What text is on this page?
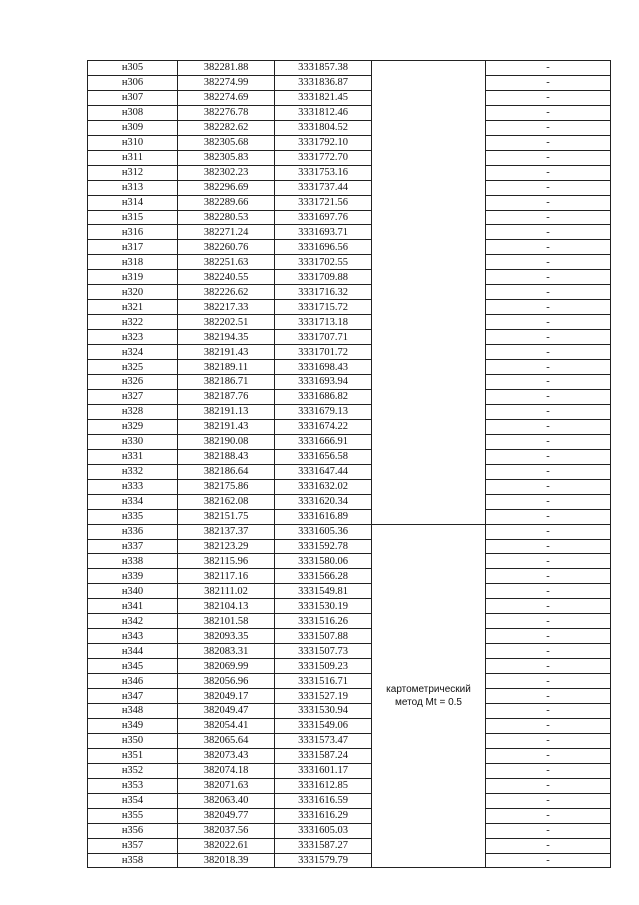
н305	382281.88	3331857.38		-
н306	382274.99	3331836.87		-
н307	382274.69	3331821.45		-
н308	382276.78	3331812.46		-
н309	382282.62	3331804.52		-
н310	382305.68	3331792.10		-
н311	382305.83	3331772.70		-
н312	382302.23	3331753.16		-
н313	382296.69	3331737.44		-
н314	382289.66	3331721.56		-
н315	382280.53	3331697.76		-
н316	382271.24	3331693.71		-
н317	382260.76	3331696.56		-
н318	382251.63	3331702.55		-
н319	382240.55	3331709.88		-
н320	382226.62	3331716.32		-
н321	382217.33	3331715.72		-
н322	382202.51	3331713.18		-
н323	382194.35	3331707.71		-
н324	382191.43	3331701.72		-
н325	382189.11	3331698.43		-
н326	382186.71	3331693.94		-
н327	382187.76	3331686.82		-
н328	382191.13	3331679.13		-
н329	382191.43	3331674.22		-
н330	382190.08	3331666.91		-
н331	382188.43	3331656.58		-
н332	382186.64	3331647.44		-
н333	382175.86	3331632.02		-
н334	382162.08	3331620.34		-
н335	382151.75	3331616.89		-
н336	382137.37	3331605.36	картометрический
метод Mt = 0.5	-
н337	382123.29	3331592.78		-
н338	382115.96	3331580.06		-
н339	382117.16	3331566.28		-
н340	382111.02	3331549.81		-
н341	382104.13	3331530.19		-
н342	382101.58	3331516.26		-
н343	382093.35	3331507.88		-
н344	382083.31	3331507.73		-
н345	382069.99	3331509.23		-
н346	382056.96	3331516.71		-
н347	382049.17	3331527.19		-
н348	382049.47	3331530.94		-
н349	382054.41	3331549.06		-
н350	382065.64	3331573.47		-
н351	382073.43	3331587.24		-
н352	382074.18	3331601.17		-
н353	382071.63	3331612.85		-
н354	382063.40	3331616.59		-
н355	382049.77	3331616.29		-
н356	382037.56	3331605.03		-
н357	382022.61	3331587.27		-
н358	382018.39	3331579.79		-
